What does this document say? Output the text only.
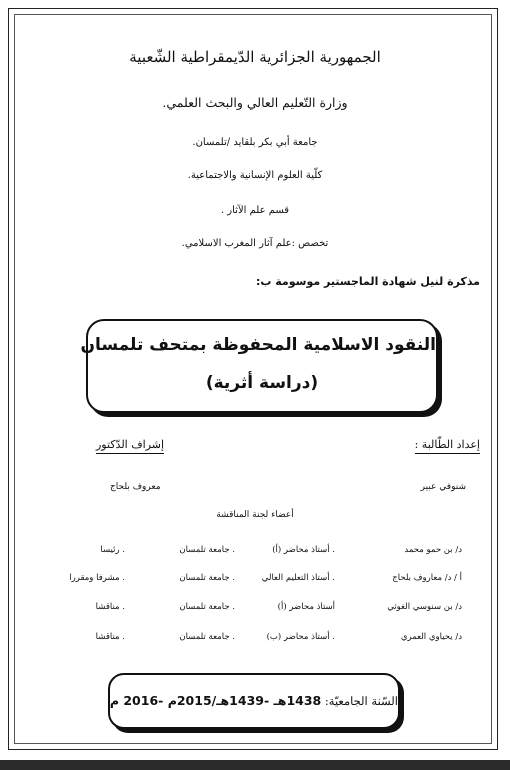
الجمهورية الجزائرية الدّيمقراطية الشّعبية
وزارة التّعليم العالي والبحث العلمي.
جامعة أبي بكر بلقايد /تلمسان.
كلّية العلوم الإنسانية والاجتماعية.
قسم علم الآثار .
تخصص :علم آثار المغرب الاسلامي.
مذكرة لنيل شهادة الماجستير موسومة ب:
النقود الاسلامية المحفوظة بمتحف تلمسان
(دراسة أثرية)
إعداد الطّالبة :
إشراف الدّكتور
شنوفي عبير
معروف بلحاج
أعضاء لجنة المناقشة
د/ بن حمو محمد
. أستاذ محاضر (أ)
. جامعة تلمسان
. رئيسا
أ / د/ معاروف بلحاج
. أستاذ التعليم العالي
. جامعة تلمسان
. مشرفا ومقررا
د/ بن سنوسي الغوثي
أستاذ محاضر (أ)
. جامعة تلمسان
. مناقشا
د/ يحياوي العمري
. أستاذ محاضر (ب)
. جامعة تلمسان
. مناقشا
السّنة الجامعيّة: 1438هـ -1439هـ/2015م -2016 م
